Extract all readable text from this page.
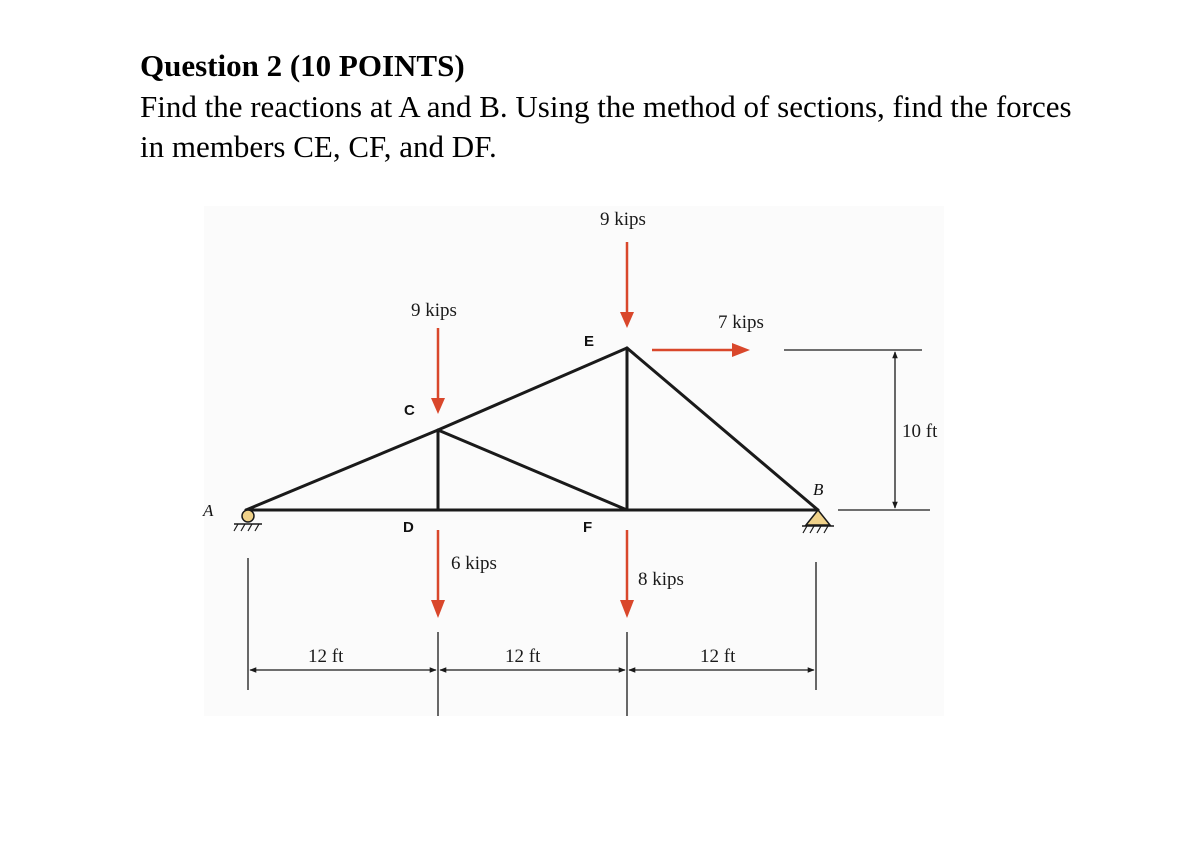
Question 2 (10 POINTS)

Find the reactions at A and B. Using the method of sections, find the forces in members CE, CF, and DF.

A
B
C
D
E
F
9 kips
9 kips
7 kips
6 kips
8 kips
12 ft	12 ft	12 ft
10 ft
